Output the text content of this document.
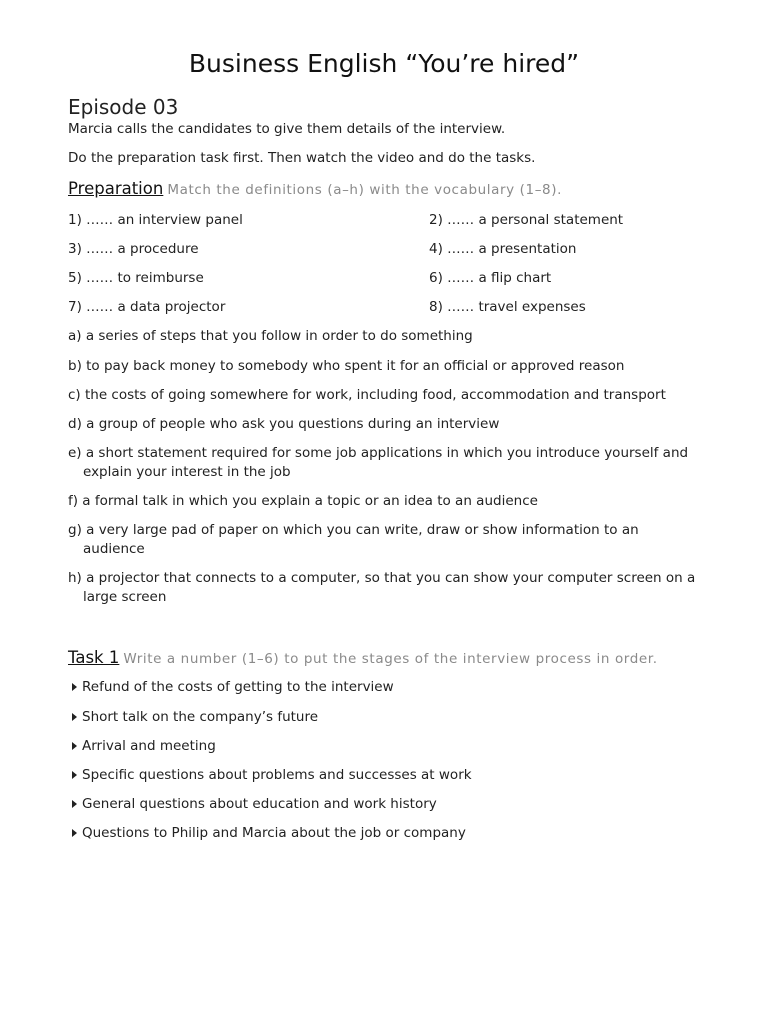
Business English “You’re hired”
Episode 03
Marcia calls the candidates to give them details of the interview.
Do the preparation task first. Then watch the video and do the tasks.
Preparation Match the definitions (a–h) with the vocabulary (1–8).
1) …… an interview panel	2) …… a personal statement
3) …… a procedure	4) …… a presentation
5) …… to reimburse	6) …… a flip chart
7) …… a data projector	8) …… travel expenses
a) a series of steps that you follow in order to do something
b) to pay back money to somebody who spent it for an official or approved reason
c) the costs of going somewhere for work, including food, accommodation and transport
d) a group of people who ask you questions during an interview
e) a short statement required for some job applications in which you introduce yourself and
explain your interest in the job
f) a formal talk in which you explain a topic or an idea to an audience
g) a very large pad of paper on which you can write, draw or show information to an
audience
h) a projector that connects to a computer, so that you can show your computer screen on a
large screen
Task 1 Write a number (1–6) to put the stages of the interview process in order.
Refund of the costs of getting to the interview
Short talk on the company’s future
Arrival and meeting
Specific questions about problems and successes at work
General questions about education and work history
Questions to Philip and Marcia about the job or company
